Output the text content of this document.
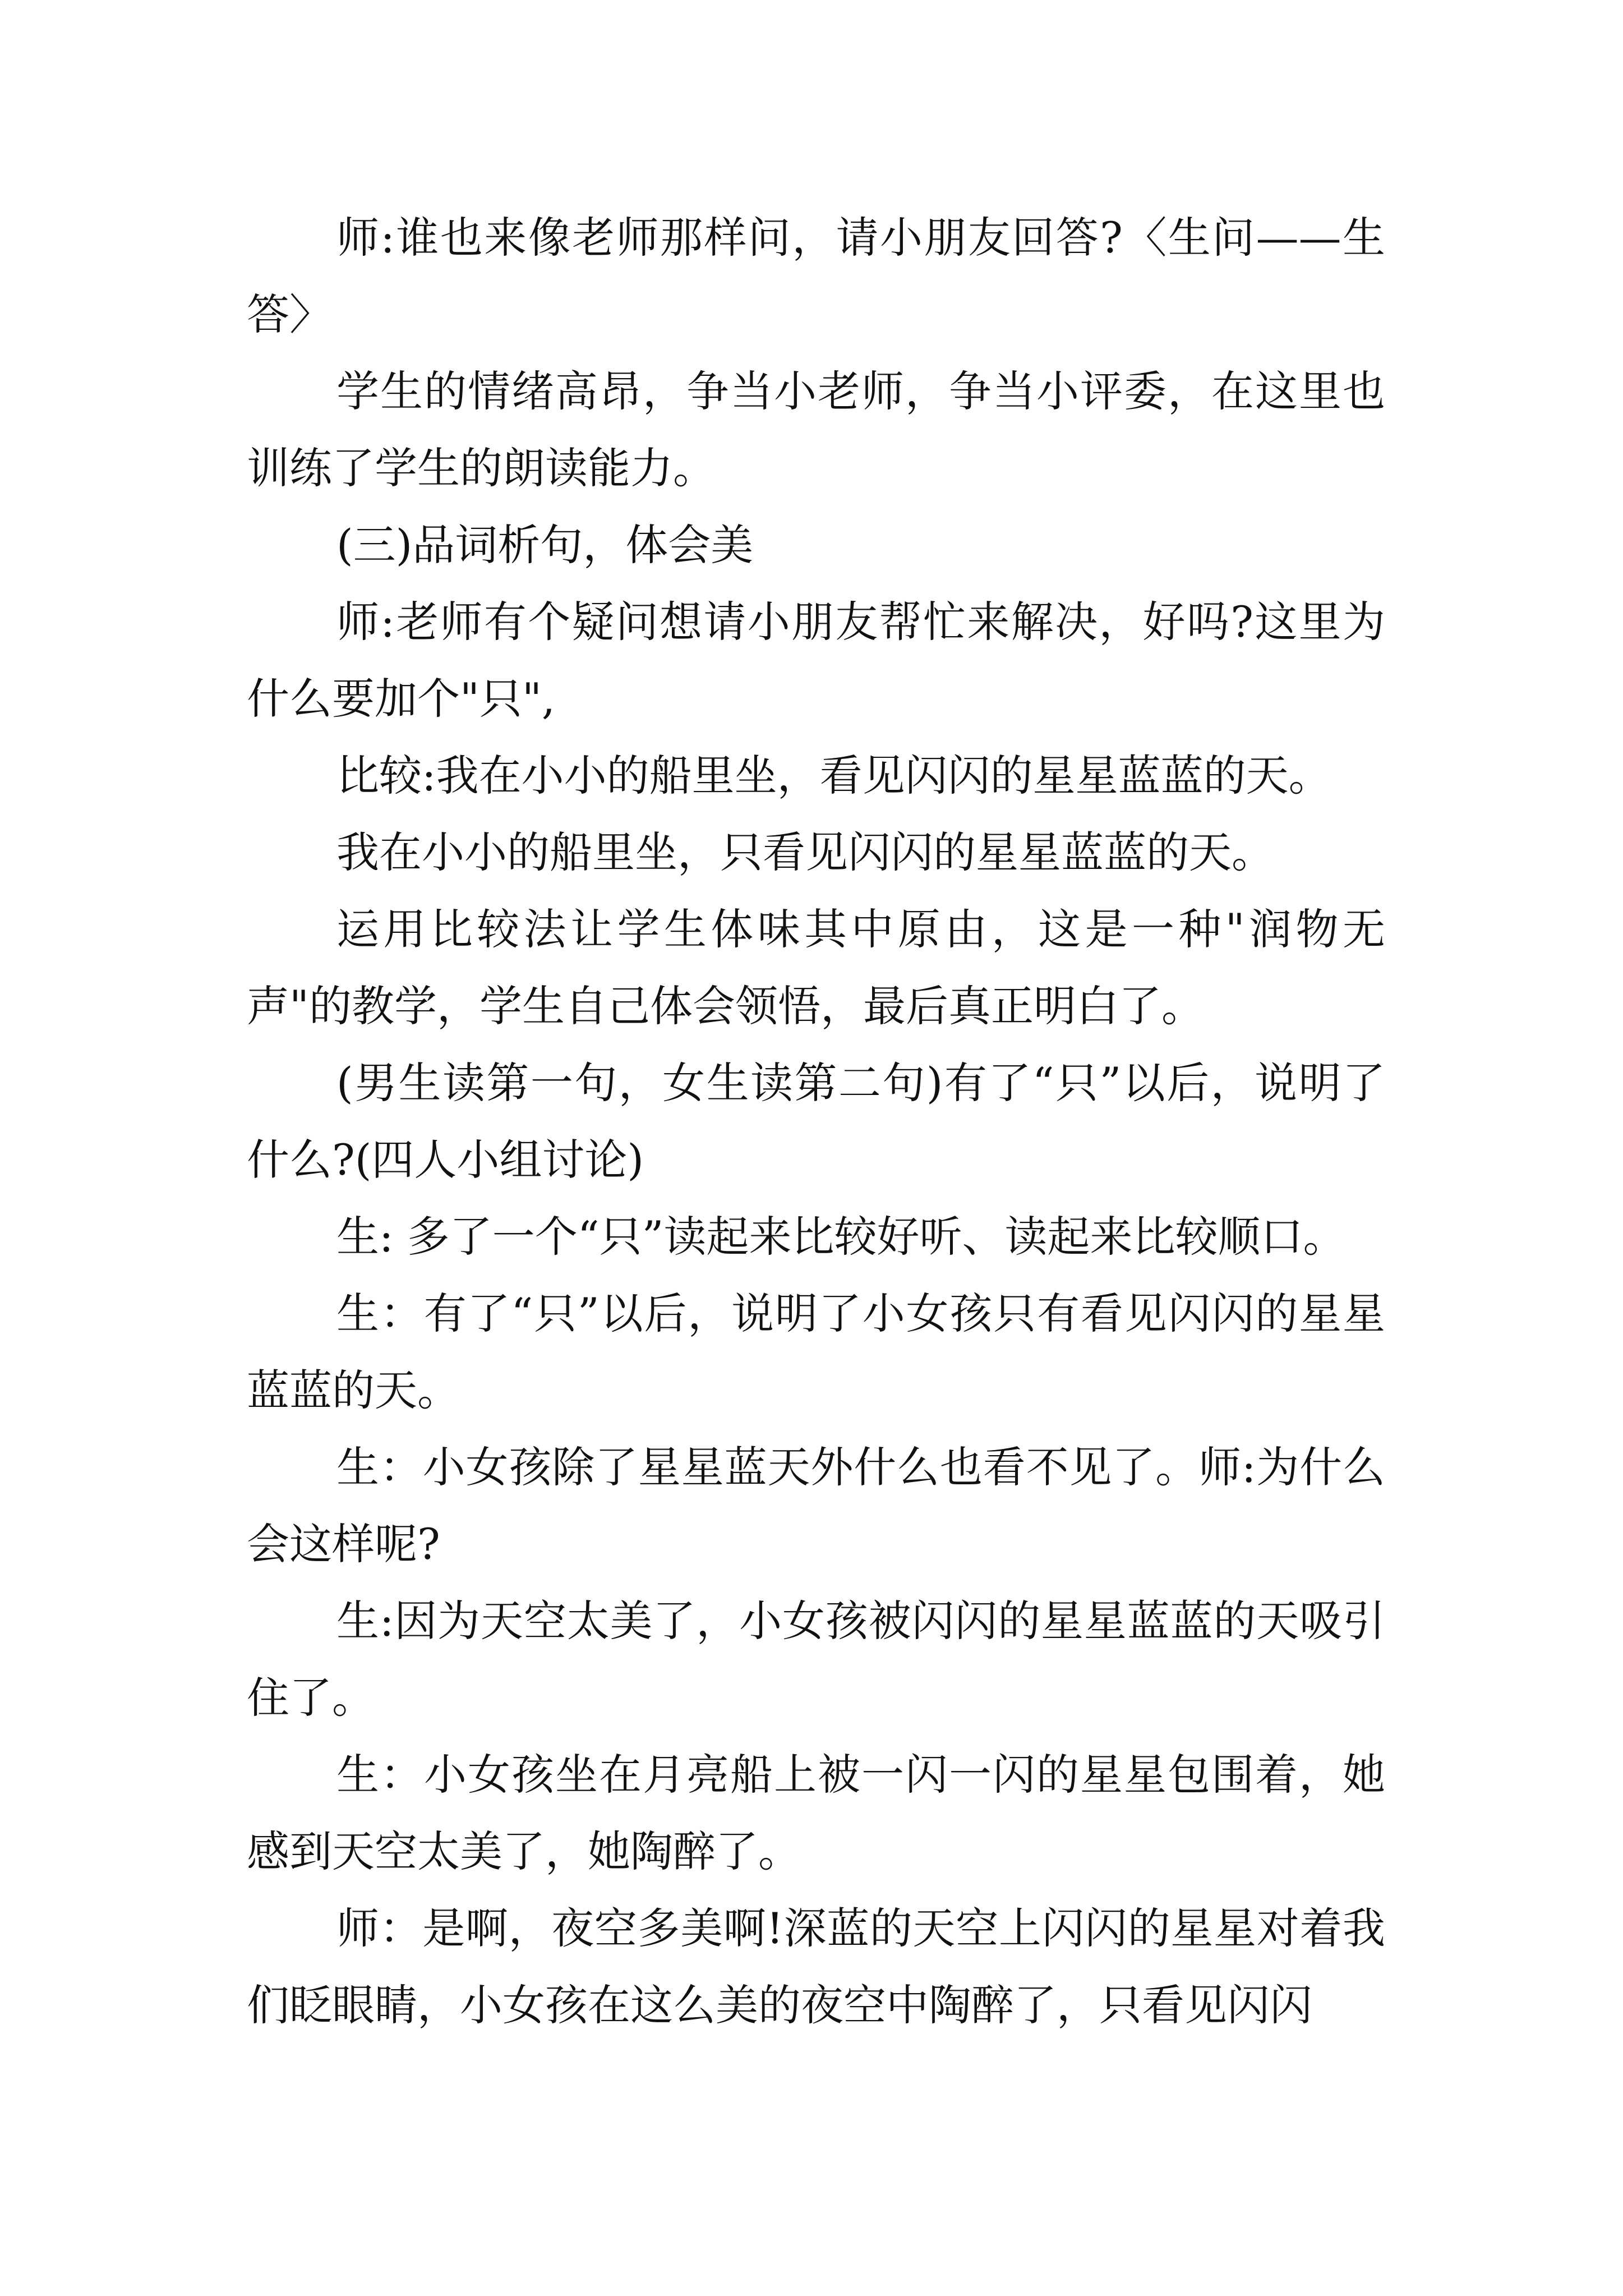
师:谁也来像老师那样问，请小朋友回答?〈生问——生答〉

学生的情绪高昂，争当小老师，争当小评委，在这里也训练了学生的朗读能力。

(三)品词析句，体会美

师:老师有个疑问想请小朋友帮忙来解决，好吗?这里为什么要加个"只",

比较:我在小小的船里坐，看见闪闪的星星蓝蓝的天。

我在小小的船里坐，只看见闪闪的星星蓝蓝的天。

运用比较法让学生体味其中原由，这是一种"润物无声"的教学，学生自己体会领悟，最后真正明白了。

(男生读第一句，女生读第二句)有了“只”以后，说明了什么?(四人小组讨论)

生: 多了一个“只”读起来比较好听、读起来比较顺口。

生：有了“只”以后，说明了小女孩只有看见闪闪的星星蓝蓝的天。

生：小女孩除了星星蓝天外什么也看不见了。师:为什么会这样呢?

生:因为天空太美了，小女孩被闪闪的星星蓝蓝的天吸引住了。

生：小女孩坐在月亮船上被一闪一闪的星星包围着，她感到天空太美了，她陶醉了。

师：是啊，夜空多美啊!深蓝的天空上闪闪的星星对着我们眨眼睛，小女孩在这么美的夜空中陶醉了，只看见闪闪
